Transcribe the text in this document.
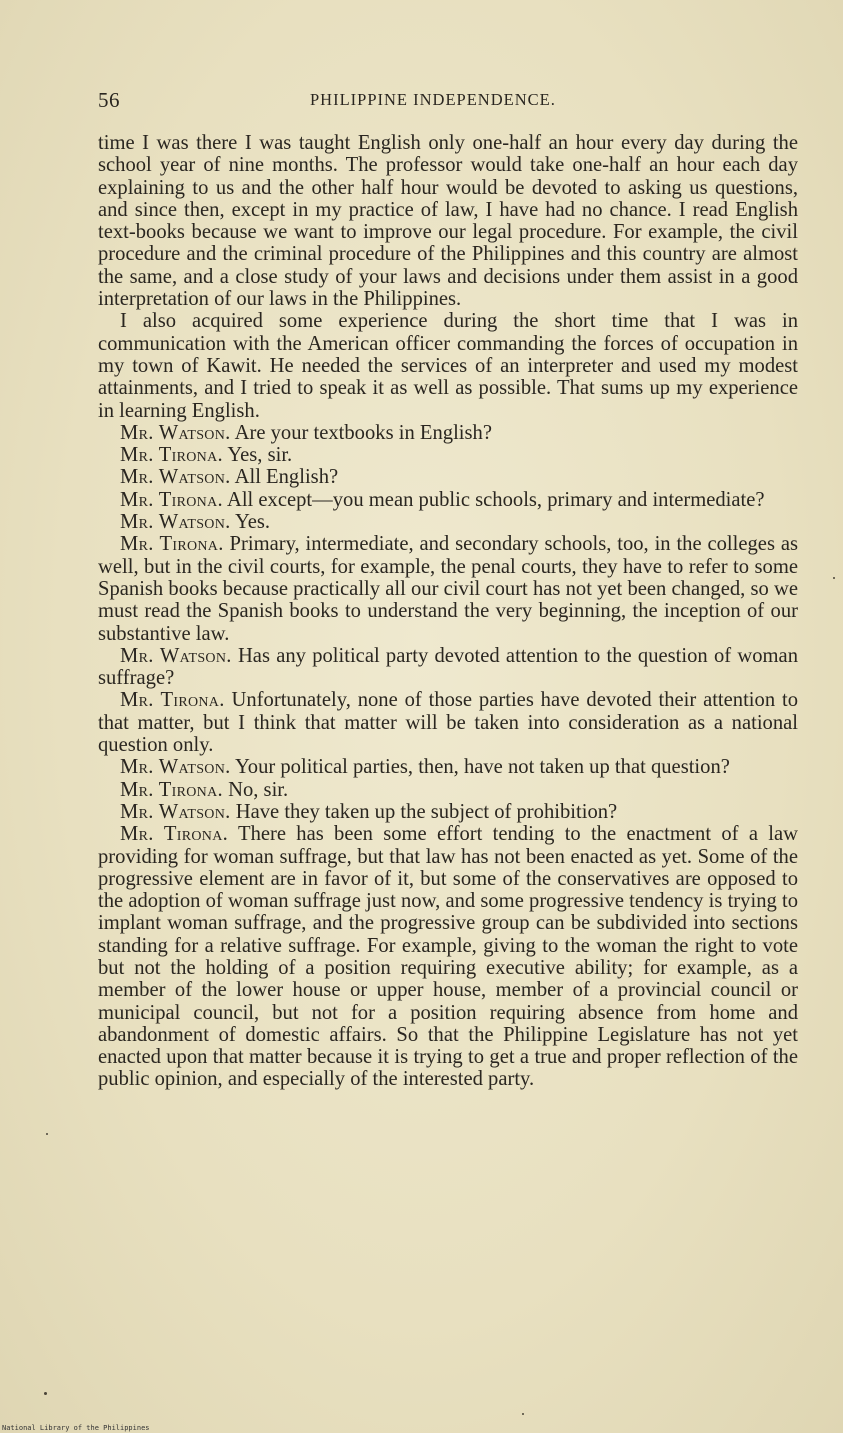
56	PHILIPPINE INDEPENDENCE.

time I was there I was taught English only one-half an hour every day during the school year of nine months. The professor would take one-half an hour each day explaining to us and the other half hour would be devoted to asking us questions, and since then, except in my practice of law, I have had no chance. I read English text-books because we want to improve our legal procedure. For example, the civil procedure and the criminal procedure of the Philippines and this country are almost the same, and a close study of your laws and decisions under them assist in a good interpretation of our laws in the Philippines.

I also acquired some experience during the short time that I was in communication with the American officer commanding the forces of occupation in my town of Kawit. He needed the services of an interpreter and used my modest attainments, and I tried to speak it as well as possible. That sums up my experience in learning English.

Mr. Watson. Are your textbooks in English?

Mr. Tirona. Yes, sir.

Mr. Watson. All English?

Mr. Tirona. All except—you mean public schools, primary and intermediate?

Mr. Watson. Yes.

Mr. Tirona. Primary, intermediate, and secondary schools, too, in the colleges as well, but in the civil courts, for example, the penal courts, they have to refer to some Spanish books because practically all our civil court has not yet been changed, so we must read the Spanish books to understand the very beginning, the inception of our substantive law.

Mr. Watson. Has any political party devoted attention to the question of woman suffrage?

Mr. Tirona. Unfortunately, none of those parties have devoted their attention to that matter, but I think that matter will be taken into consideration as a national question only.

Mr. Watson. Your political parties, then, have not taken up that question?

Mr. Tirona. No, sir.

Mr. Watson. Have they taken up the subject of prohibition?

Mr. Tirona. There has been some effort tending to the enactment of a law providing for woman suffrage, but that law has not been enacted as yet. Some of the progressive element are in favor of it, but some of the conservatives are opposed to the adoption of woman suffrage just now, and some progressive tendency is trying to implant woman suffrage, and the progressive group can be subdivided into sections standing for a relative suffrage. For example, giving to the woman the right to vote but not the holding of a position requiring executive ability; for example, as a member of the lower house or upper house, member of a provincial council or municipal council, but not for a position requiring absence from home and abandonment of domestic affairs. So that the Philippine Legislature has not yet enacted upon that matter because it is trying to get a true and proper reflection of the public opinion, and especially of the interested party.

National Library of the Philippines
